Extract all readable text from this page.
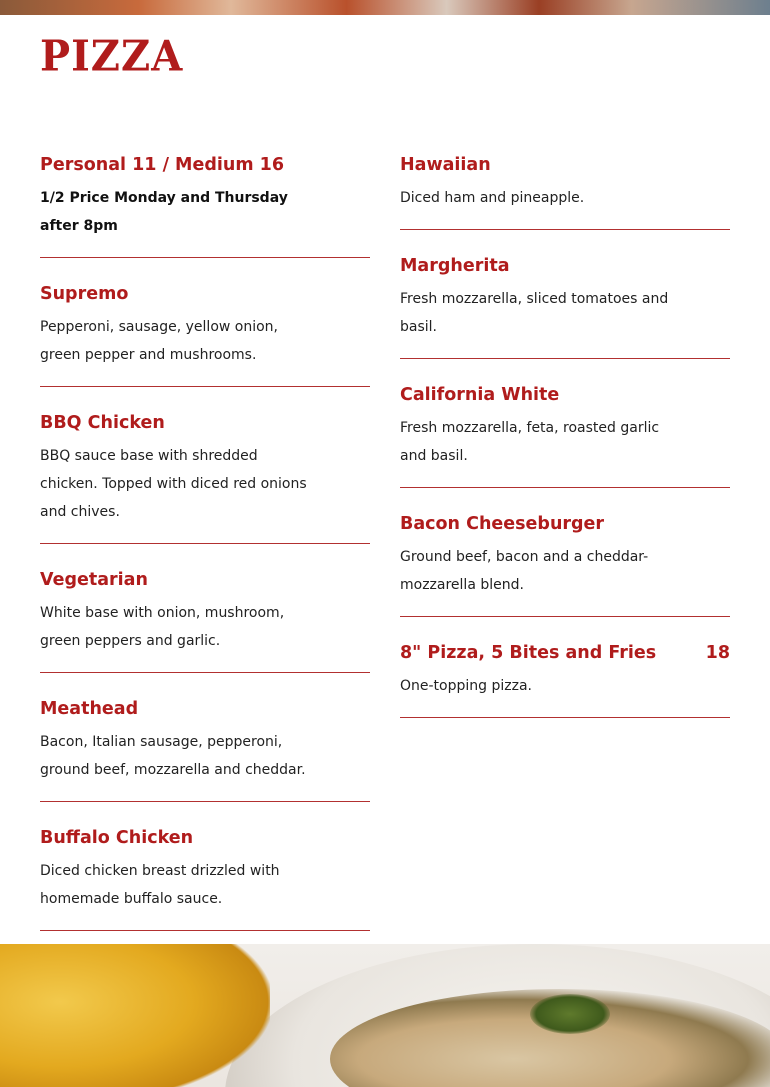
PIZZA
Personal 11 / Medium 16
1/2 Price Monday and Thursday after 8pm
Supremo
Pepperoni, sausage, yellow onion, green pepper and mushrooms.
BBQ Chicken
BBQ sauce base with shredded chicken. Topped with diced red onions and chives.
Vegetarian
White base with onion, mushroom, green peppers and garlic.
Meathead
Bacon, Italian sausage, pepperoni, ground beef, mozzarella and cheddar.
Buffalo Chicken
Diced chicken breast drizzled with homemade buffalo sauce.
Hawaiian
Diced ham and pineapple.
Margherita
Fresh mozzarella, sliced tomatoes and basil.
California White
Fresh mozzarella, feta, roasted garlic and basil.
Bacon Cheeseburger
Ground beef, bacon and a cheddar-mozzarella blend.
8" Pizza, 5 Bites and Fries	18
One-topping pizza.
